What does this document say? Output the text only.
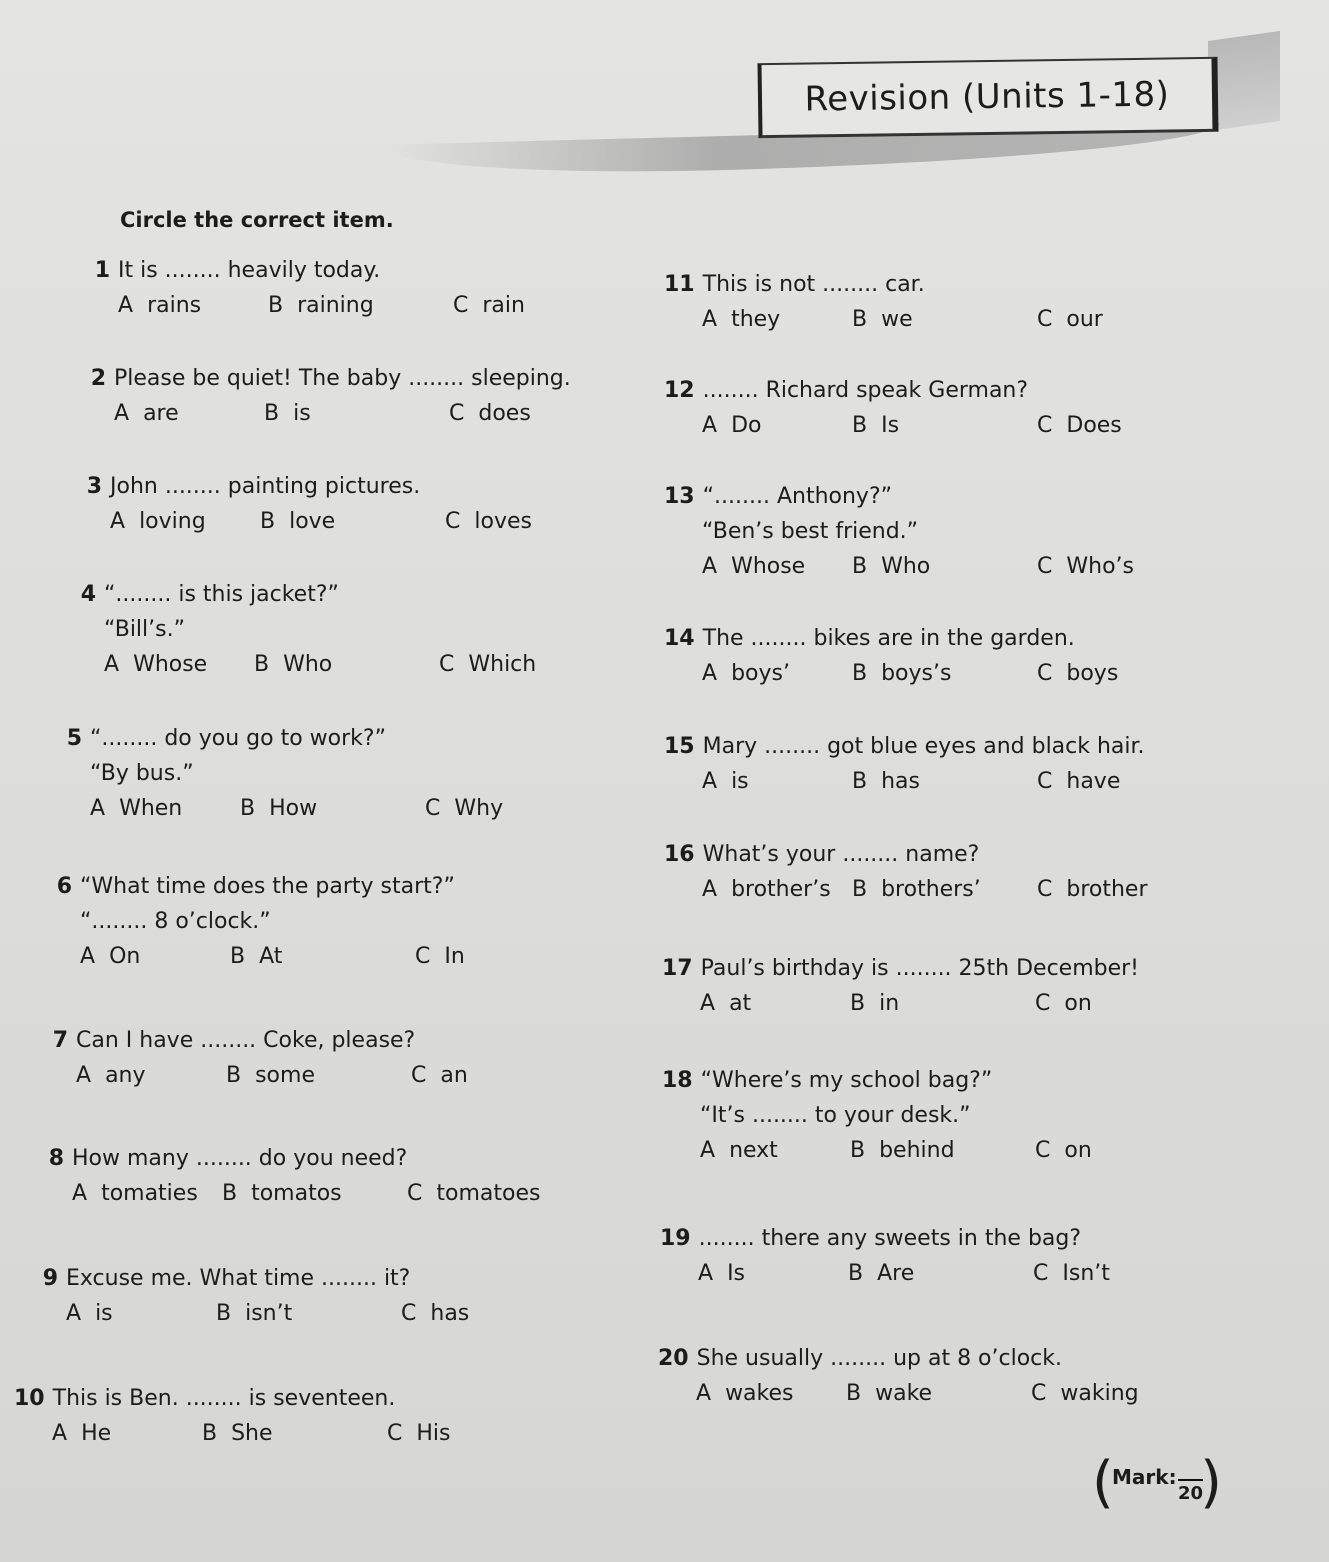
Revision (Units 1-18)
Circle the correct item.
1 It is ........ heavily today.
A rains	B raining	C rain
2 Please be quiet! The baby ........ sleeping.
A are	B is	C does
3 John ........ painting pictures.
A loving B love	C loves
4 “........ is this jacket?”
“Bill’s.”
A Whose B Who	C Which
5 “........ do you go to work?”
“By bus.”
A When	B How	C Why
6 “What time does the party start?”
“........ 8 o’clock.”
A On	B At	C In
7 Can I have ........ Coke, please?
A any	B some	C an
8 How many ........ do you need?
A tomaties B tomatos	C tomatoes
9 Excuse me. What time ........ it?
A is	B isn’t	C has
10 This is Ben. ........ is seventeen.
A He	B She	C His
11 This is not ........ car.
A they	B we	C our
12 ........ Richard speak German?
A Do	B Is	C Does
13 “........ Anthony?”
“Ben’s best friend.”
A Whose B Who	C Who’s
14 The ........ bikes are in the garden.
A boys’	B boys’s	C boys
15 Mary ........ got blue eyes and black hair.
A is	B has	C have
16 What’s your ........ name?
A brother’s B brothers’	C brother
17 Paul’s birthday is ........ 25th December!
A at	B in	C on
18 “Where’s my school bag?”
“It’s ........ to your desk.”
A next	B behind	C on
19 ........ there any sweets in the bag?
A Is	B Are	C Isn’t
20 She usually ........ up at 8 o’clock.
A wakes B wake	C waking
(
Mark:
20
)
